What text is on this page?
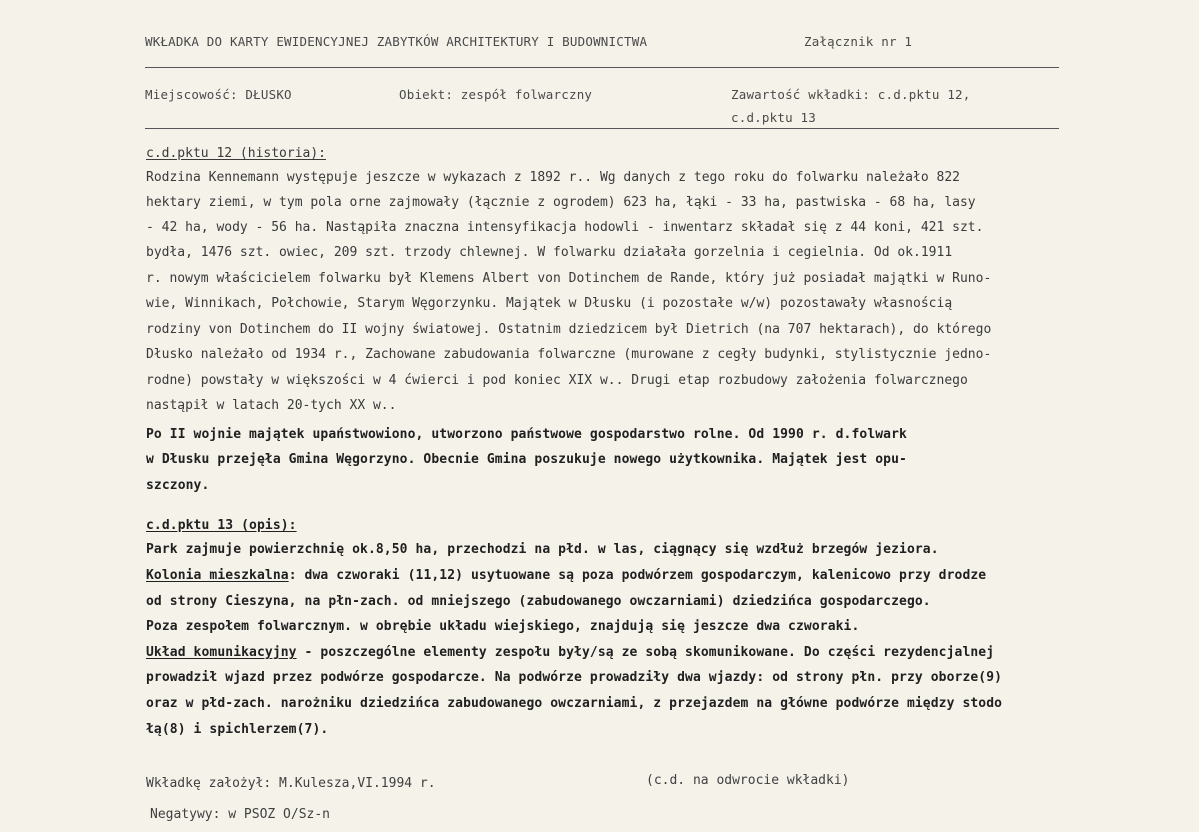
WKŁADKA DO KARTY EWIDENCYJNEJ ZABYTKÓW ARCHITEKTURY I BUDOWNICTWA	Załącznik nr 1
Miejscowość: DŁUSKO	Obiekt: zespół folwarczny	Zawartość wkładki: c.d.pktu 12,
c.d.pktu 13
c.d.pktu 12 (historia):
Rodzina Kennemann występuje jeszcze w wykazach z 1892 r.. Wg danych z tego roku do folwarku należało 822
hektary ziemi, w tym pola orne zajmowały (łącznie z ogrodem) 623 ha, łąki - 33 ha, pastwiska - 68 ha, lasy
- 42 ha, wody - 56 ha. Nastąpiła znaczna intensyfikacja hodowli - inwentarz składał się z 44 koni, 421 szt.
bydła, 1476 szt. owiec, 209 szt. trzody chlewnej. W folwarku działała gorzelnia i cegielnia. Od ok.1911
r. nowym właścicielem folwarku był Klemens Albert von Dotinchem de Rande, który już posiadał majątki w Runo-
wie, Winnikach, Połchowie, Starym Węgorzynku. Majątek w Dłusku (i pozostałe w/w) pozostawały własnością
rodziny von Dotinchem do II wojny światowej. Ostatnim dziedzicem był Dietrich (na 707 hektarach), do którego
Dłusko należało od 1934 r., Zachowane zabudowania folwarczne (murowane z cegły budynki, stylistycznie jedno-
rodne) powstały w większości w 4 ćwierci i pod koniec XIX w.. Drugi etap rozbudowy założenia folwarcznego
nastąpił w latach 20-tych XX w..
Po II wojnie majątek upaństwowiono, utworzono państwowe gospodarstwo rolne. Od 1990 r. d.folwark
w Dłusku przejęła Gmina Węgorzyno. Obecnie Gmina poszukuje nowego użytkownika. Majątek jest opu-
szczony.
c.d.pktu 13 (opis):
Park zajmuje powierzchnię ok.8,50 ha, przechodzi na płd. w las, ciągnący się wzdłuż brzegów jeziora.
Kolonia mieszkalna: dwa czworaki (11,12) usytuowane są poza podwórzem gospodarczym, kalenicowo przy drodze
od strony Cieszyna, na płn-zach. od mniejszego (zabudowanego owczarniami) dziedzińca gospodarczego.
Poza zespołem folwarcznym. w obrębie układu wiejskiego, znajdują się jeszcze dwa czworaki.
Układ komunikacyjny - poszczególne elementy zespołu były/są ze sobą skomunikowane. Do części rezydencjalnej
prowadził wjazd przez podwórze gospodarcze. Na podwórze prowadziły dwa wjazdy: od strony płn. przy oborze(9)
oraz w płd-zach. narożniku dziedzińca zabudowanego owczarniami, z przejazdem na główne podwórze między stodo
łą(8) i spichlerzem(7).
Wkładkę założył: M.Kulesza,VI.1994 r.	(c.d. na odwrocie wkładki)
Negatywy: w PSOZ O/Sz-n
